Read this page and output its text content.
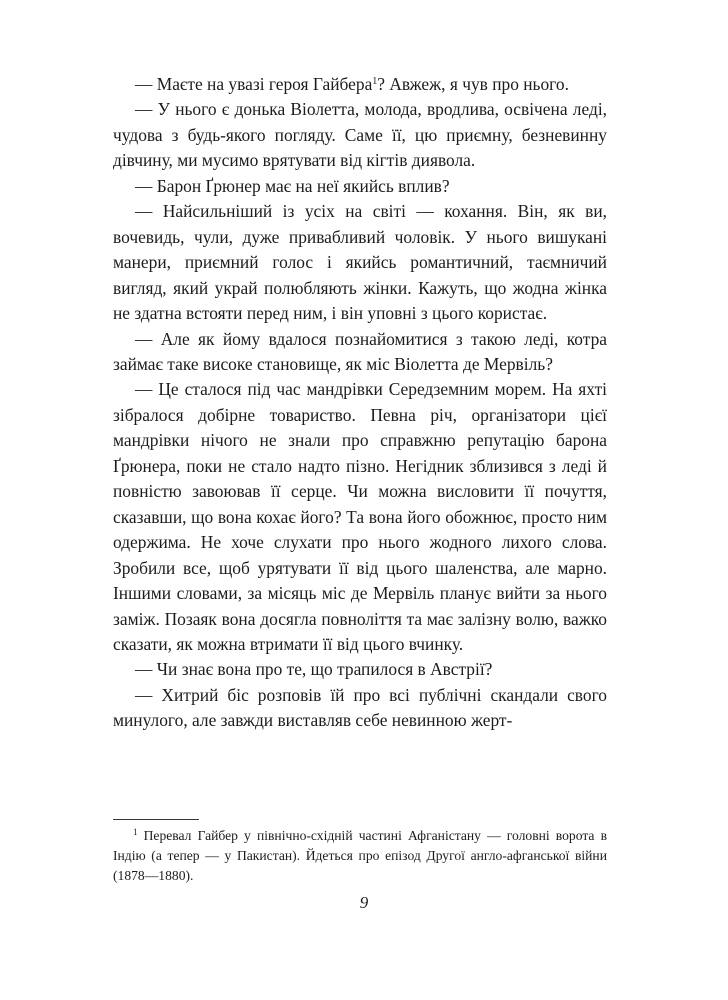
— Маєте на увазі героя Гайбера$^1$? Авжеж, я чув про нього.

— У нього є донька Віолетта, молода, вродлива, освічена леді, чудова з будь-якого погляду. Саме її, цю приємну, безневинну дівчину, ми мусимо врятувати від кігтів диявола.

— Барон Ґрюнер має на неї якийсь вплив?

— Найсильніший із усіх на світі — кохання. Він, як ви, вочевидь, чули, дуже привабливий чоловік. У нього вишукані манери, приємний голос і якийсь романтичний, таємничий вигляд, який украй полюбляють жінки. Кажуть, що жодна жінка не здатна встояти перед ним, і він уповні з цього користає.

— Але як йому вдалося познайомитися з такою леді, котра займає таке високе становище, як міс Віолетта де Мервіль?

— Це сталося під час мандрівки Середземним морем. На яхті зібралося добірне товариство. Певна річ, організатори цієї мандрівки нічого не знали про справжню репутацію барона Ґрюнера, поки не стало надто пізно. Негідник зблизився з леді й повністю завоював її серце. Чи можна висловити її почуття, сказавши, що вона кохає його? Та вона його обожнює, просто ним одержима. Не хоче слухати про нього жодного лихого слова. Зробили все, щоб урятувати її від цього шаленства, але марно. Іншими словами, за місяць міс де Мервіль планує вийти за нього заміж. Позаяк вона досягла повноліття та має залізну волю, важко сказати, як можна втримати її від цього вчинку.

— Чи знає вона про те, що трапилося в Австрії?

— Хитрий біс розповів їй про всі публічні скандали свого минулого, але завжди виставляв себе невинною жерт-

$^1$ Перевал Гайбер у північно-східній частині Афганістану — головні ворота в Індію (а тепер — у Пакистан). Йдеться про епізод Другої англо-афганської війни (1878—1880).

9
